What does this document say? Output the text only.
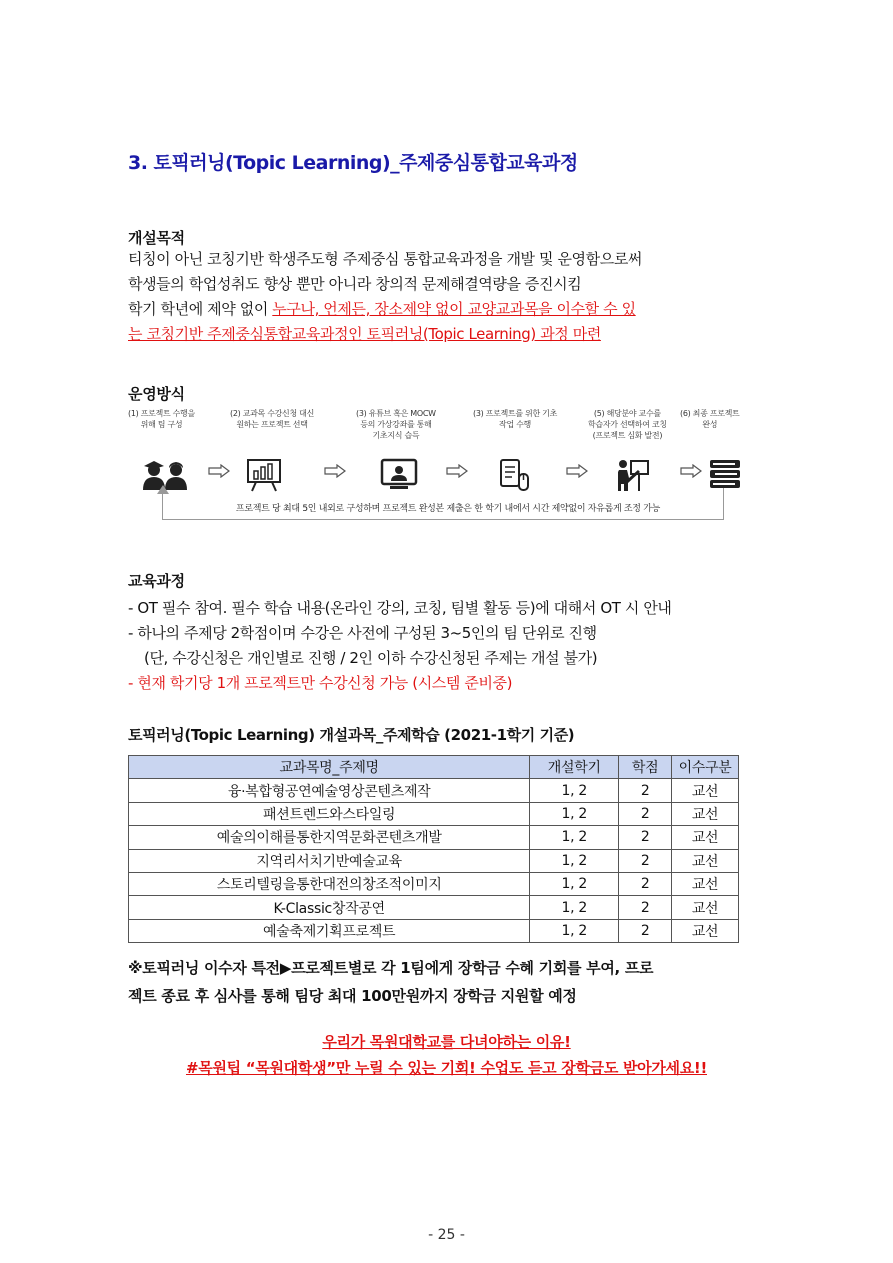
3. 토픽러닝(Topic Learning)_주제중심통합교육과정
개설목적
티칭이 아닌 코칭기반 학생주도형 주제중심 통합교육과정을 개발 및 운영함으로써
학생들의 학업성취도 향상 뿐만 아니라 창의적 문제해결역량을 증진시킴
학기 학년에 제약 없이 누구나, 언제든, 장소제약 없이 교양교과목을 이수할 수 있
는 코칭기반 주제중심통합교육과정인 토픽러닝(Topic Learning) 과정 마련
운영방식
(1) 프로젝트 수행을
위해 팀 구성
(2) 교과목 수강신청 대신
원하는 프로젝트 선택
(3) 유튜브 혹은 MOCW
등의 가상강좌를 통해
기초지식 습득
(3) 프로젝트를 위한 기초
작업 수행
(5) 해당분야 교수를
학습자가 선택하여 코칭
(프로젝트 심화 발전)
(6) 최종 프로젝트
완성
프로젝트 당 최대 5인 내외로 구성하며 프로젝트 완성본 제출은 한 학기 내에서 시간 제약없이 자유롭게 조정 가능
교육과정
- OT 필수 참여. 필수 학습 내용(온라인 강의, 코칭, 팀별 활동 등)에 대해서 OT 시 안내
- 하나의 주제당 2학점이며 수강은 사전에 구성된 3~5인의 팀 단위로 진행
(단, 수강신청은 개인별로 진행 / 2인 이하 수강신청된 주제는 개설 불가)
- 현재 학기당 1개 프로젝트만 수강신청 가능 (시스템 준비중)
토픽러닝(Topic Learning) 개설과목_주제학습 (2021-1학기 기준)
교과목명_주제명	개설학기	학점	이수구분
융·복합형공연예술영상콘텐츠제작	1, 2	2	교선
패션트렌드와스타일링	1, 2	2	교선
예술의이해를통한지역문화콘텐츠개발	1, 2	2	교선
지역리서치기반예술교육	1, 2	2	교선
스토리텔링을통한대전의창조적이미지	1, 2	2	교선
K-Classic창작공연	1, 2	2	교선
예술축제기획프로젝트	1, 2	2	교선
※토픽러닝 이수자 특전▶프로젝트별로 각 1팀에게 장학금 수혜 기회를 부여, 프로
젝트 종료 후 심사를 통해 팀당 최대 100만원까지 장학금 지원할 예정
우리가 목원대학교를 다녀야하는 이유!
#목원팁 “목원대학생”만 누릴 수 있는 기회! 수업도 듣고 장학금도 받아가세요!!
- 25 -
